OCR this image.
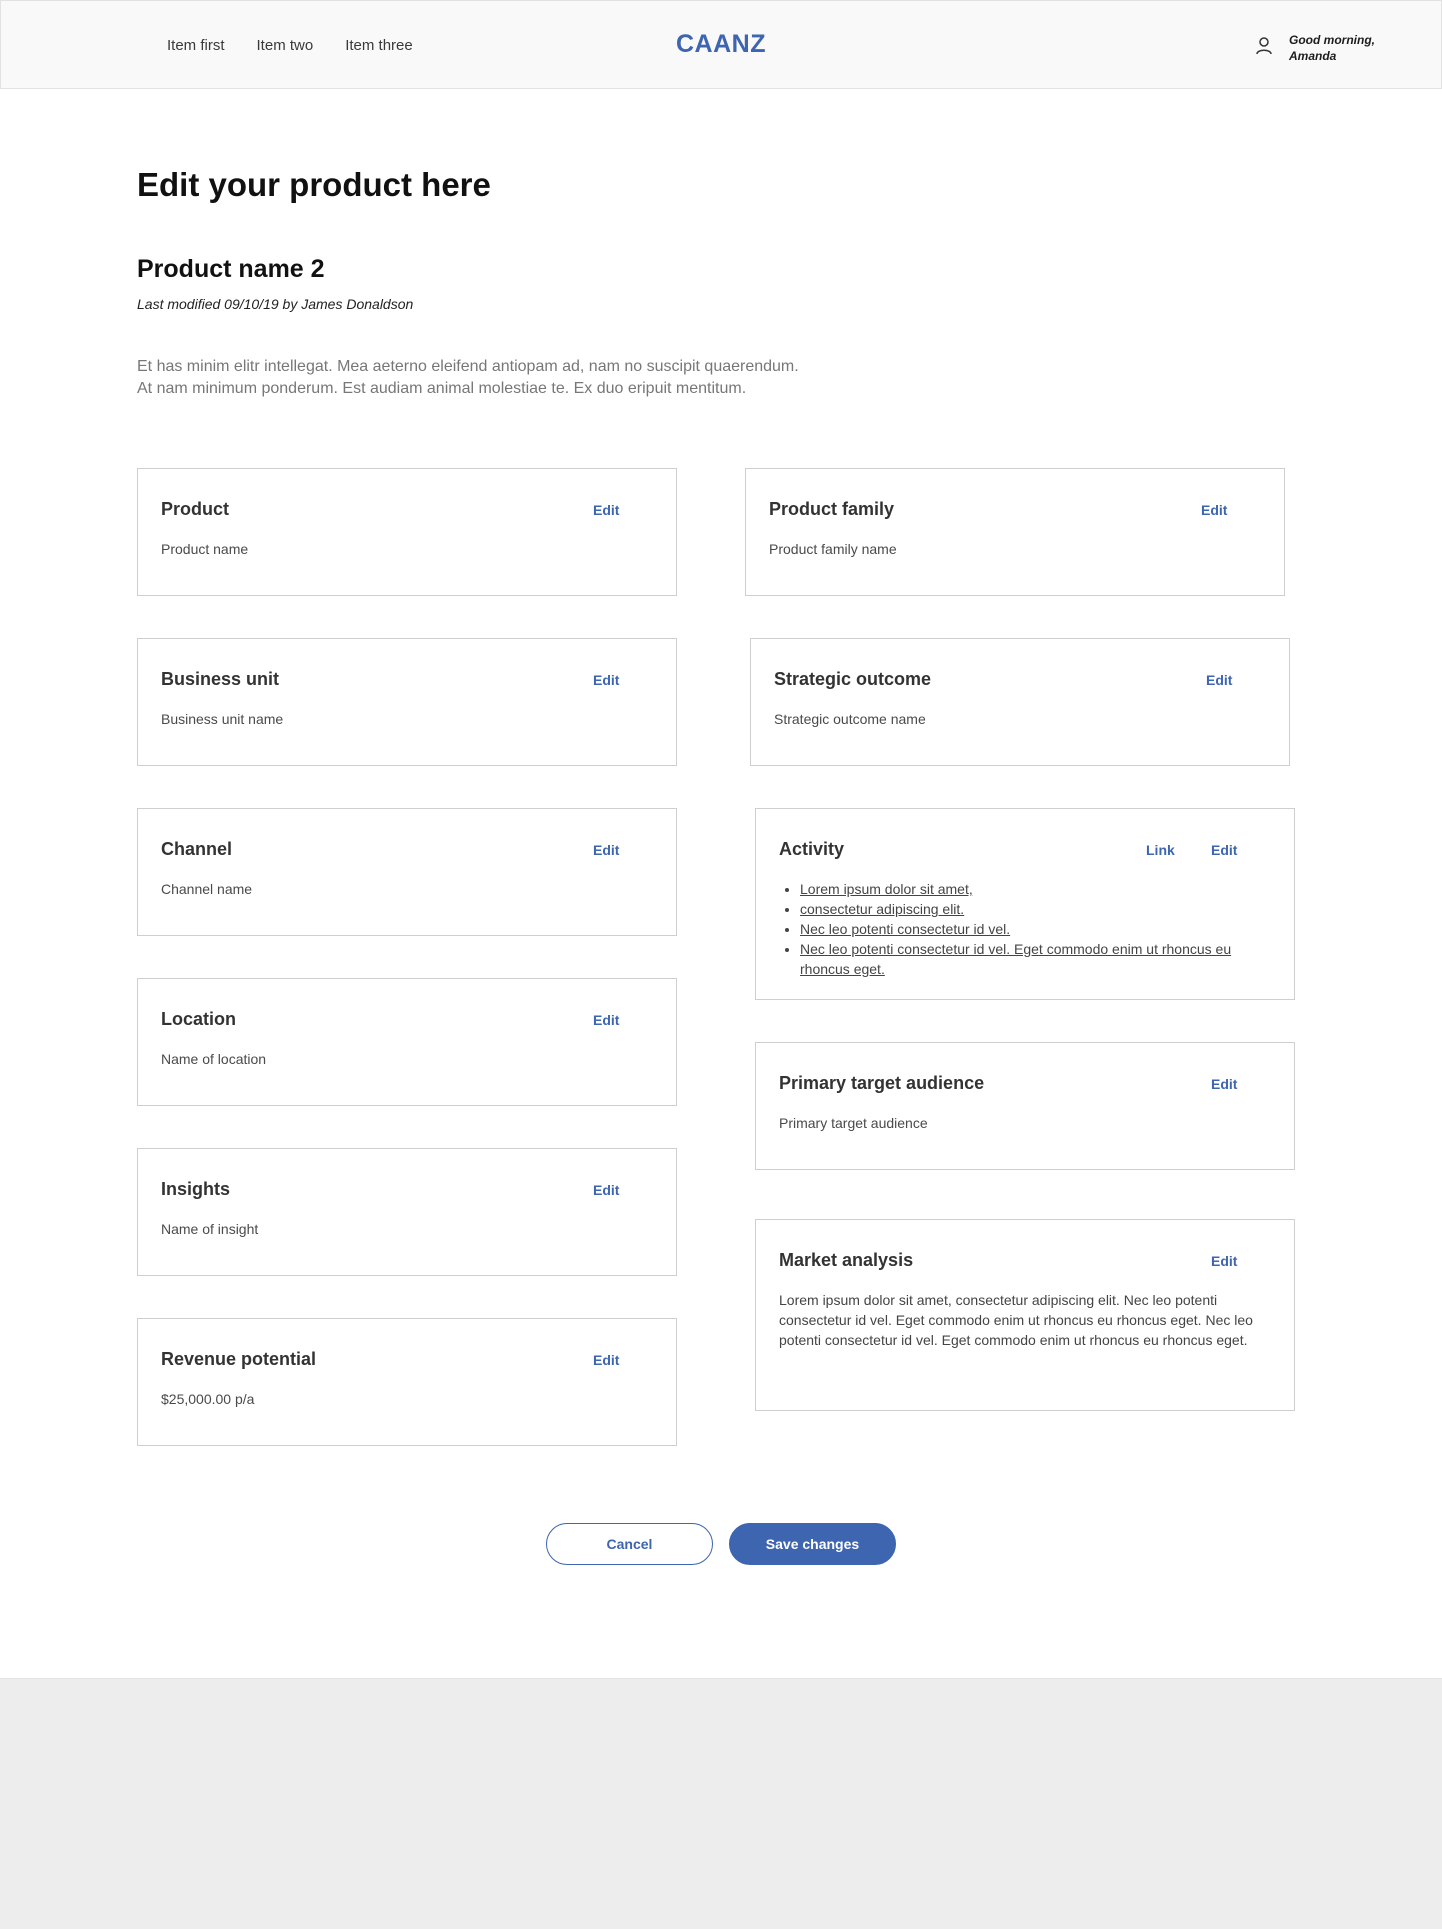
Item first Item two Item three	CAANZ	Good morning, Amanda
Edit your product here
Product name 2

Last modified 09/10/19 by James Donaldson

Et has minim elitr intellegat. Mea aeterno eleifend antiopam ad, nam no suscipit quaerendum.
At nam minimum ponderum. Est audiam animal molestiae te. Ex duo eripuit mentitum.
Product	Edit
Product name
Business unit	Edit
Business unit name
Channel	Edit
Channel name
Location	Edit
Name of location
Insights	Edit
Name of insight
Revenue potential	Edit
$25,000.00 p/a
Product family	Edit
Product family name
Strategic outcome	Edit
Strategic outcome name
Activity	Link	Edit
• Lorem ipsum dolor sit amet,
• consectetur adipiscing elit.
• Nec leo potenti consectetur id vel.
• Nec leo potenti consectetur id vel. Eget commodo enim ut rhoncus eu rhoncus eget.
Primary target audience	Edit
Primary target audience
Market analysis	Edit
Lorem ipsum dolor sit amet, consectetur adipiscing elit. Nec leo potenti consectetur id vel. Eget commodo enim ut rhoncus eu rhoncus eget. Nec leo potenti consectetur id vel. Eget commodo enim ut rhoncus eu rhoncus eget.
Cancel	Save changes
